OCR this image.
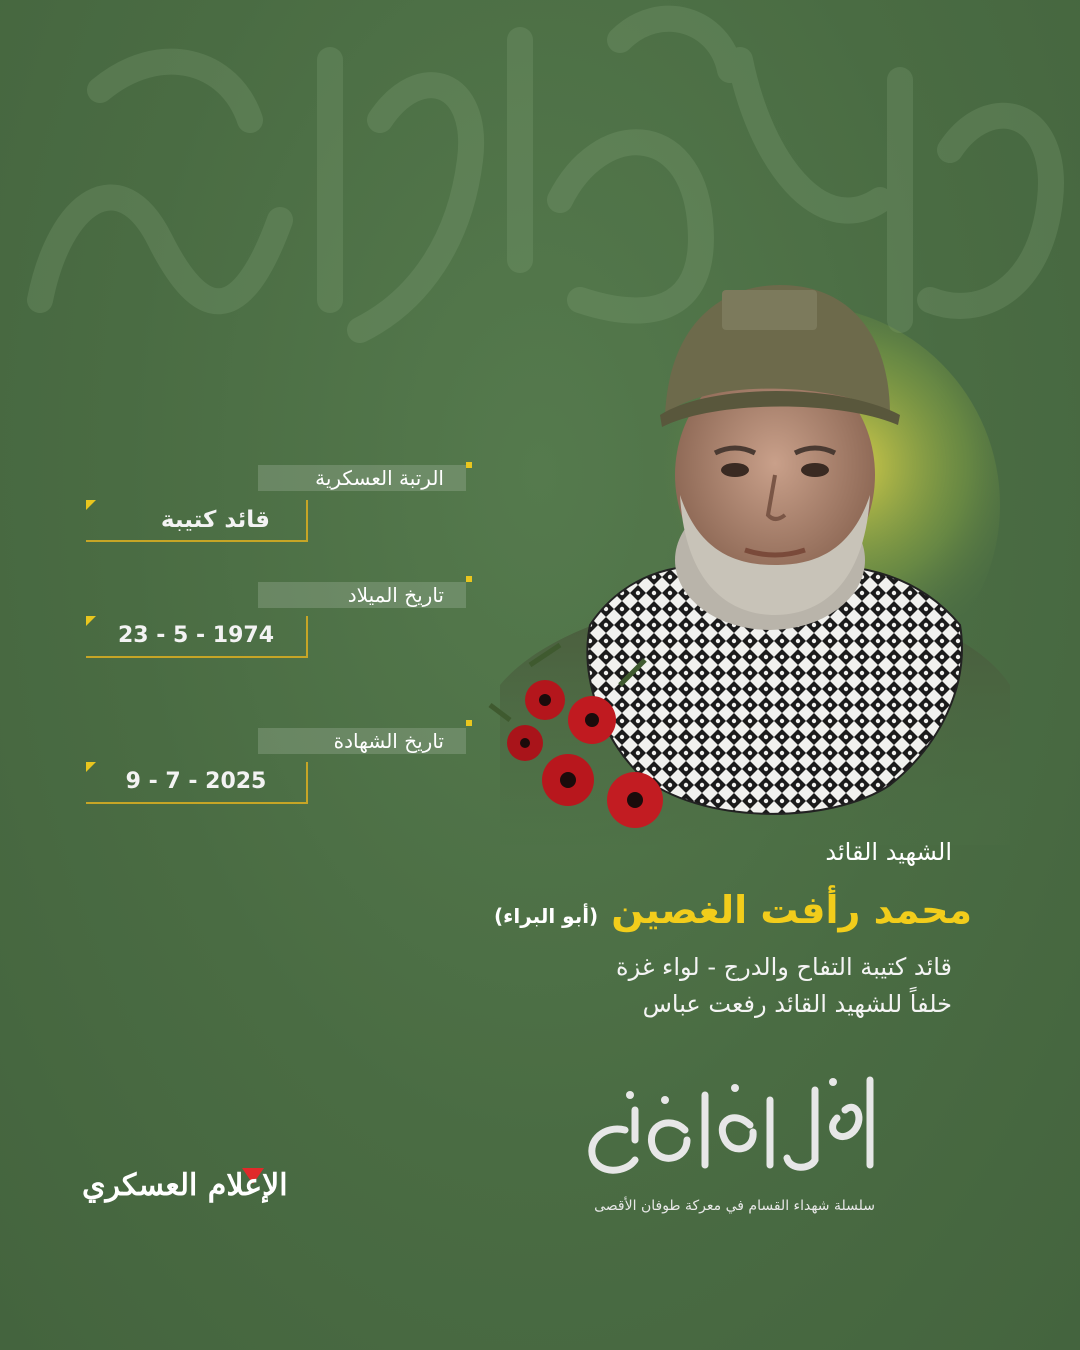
الرتبة العسكرية
قائد كتيبة
تاريخ الميلاد
23 - 5 - 1974
تاريخ الشهادة
9 - 7 - 2025
الشهيد القائد
محمد رأفت الغصين (أبو البراء)
قائد كتيبة التفاح والدرج - لواء غزة
خلفاً للشهيد القائد رفعت عباس
سلسلة شهداء القسام في معركة طوفان الأقصى
الإعلام العسكري
